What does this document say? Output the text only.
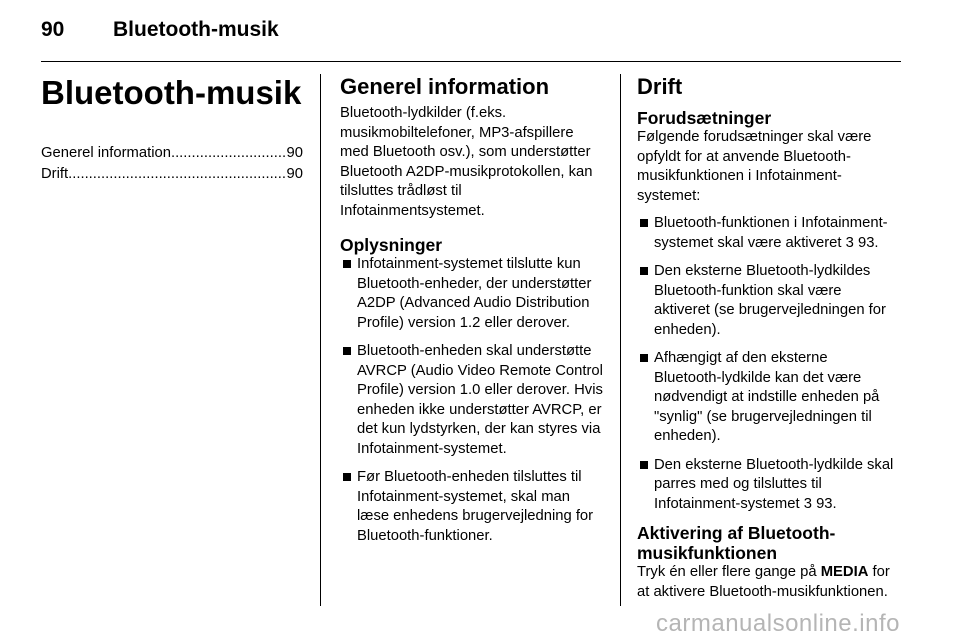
90 Bluetooth-musik
Bluetooth-musik
Generel information .....	90
Drift .....	90
Generel information

Bluetooth-lydkilder (f.eks. musikmobiltelefoner, MP3-afspillere med Bluetooth osv.), som understøtter Bluetooth A2DP-musikprotokollen, kan tilsluttes trådløst til Infotainmentsystemet.

Oplysninger
Infotainment-systemet tilslutte kun Bluetooth-enheder, der understøtter A2DP (Advanced Audio Distribution Profile) version 1.2 eller derover.
Bluetooth-enheden skal understøtte AVRCP (Audio Video Remote Control Profile) version 1.0 eller derover. Hvis enheden ikke understøtter AVRCP, er det kun lydstyrken, der kan styres via Infotainment-systemet.
Før Bluetooth-enheden tilsluttes til Infotainment-systemet, skal man læse enhedens brugervejledning for Bluetooth-funktioner.
Drift
Forudsætninger

Følgende forudsætninger skal være opfyldt for at anvende Bluetooth-musikfunktionen i Infotainment-systemet:

Bluetooth-funktionen i Infotainment-systemet skal være aktiveret 3 93.
Den eksterne Bluetooth-lydkildes Bluetooth-funktion skal være aktiveret (se brugervejledningen for enheden).
Afhængigt af den eksterne Bluetooth-lydkilde kan det være nødvendigt at indstille enheden på "synlig" (se brugervejledningen til enheden).
Den eksterne Bluetooth-lydkilde skal parres med og tilsluttes til Infotainment-systemet 3 93.
Aktivering af Bluetooth-musikfunktionen

Tryk én eller flere gange på MEDIA for at aktivere Bluetooth-musikfunktionen.

carmanualsonline.info
